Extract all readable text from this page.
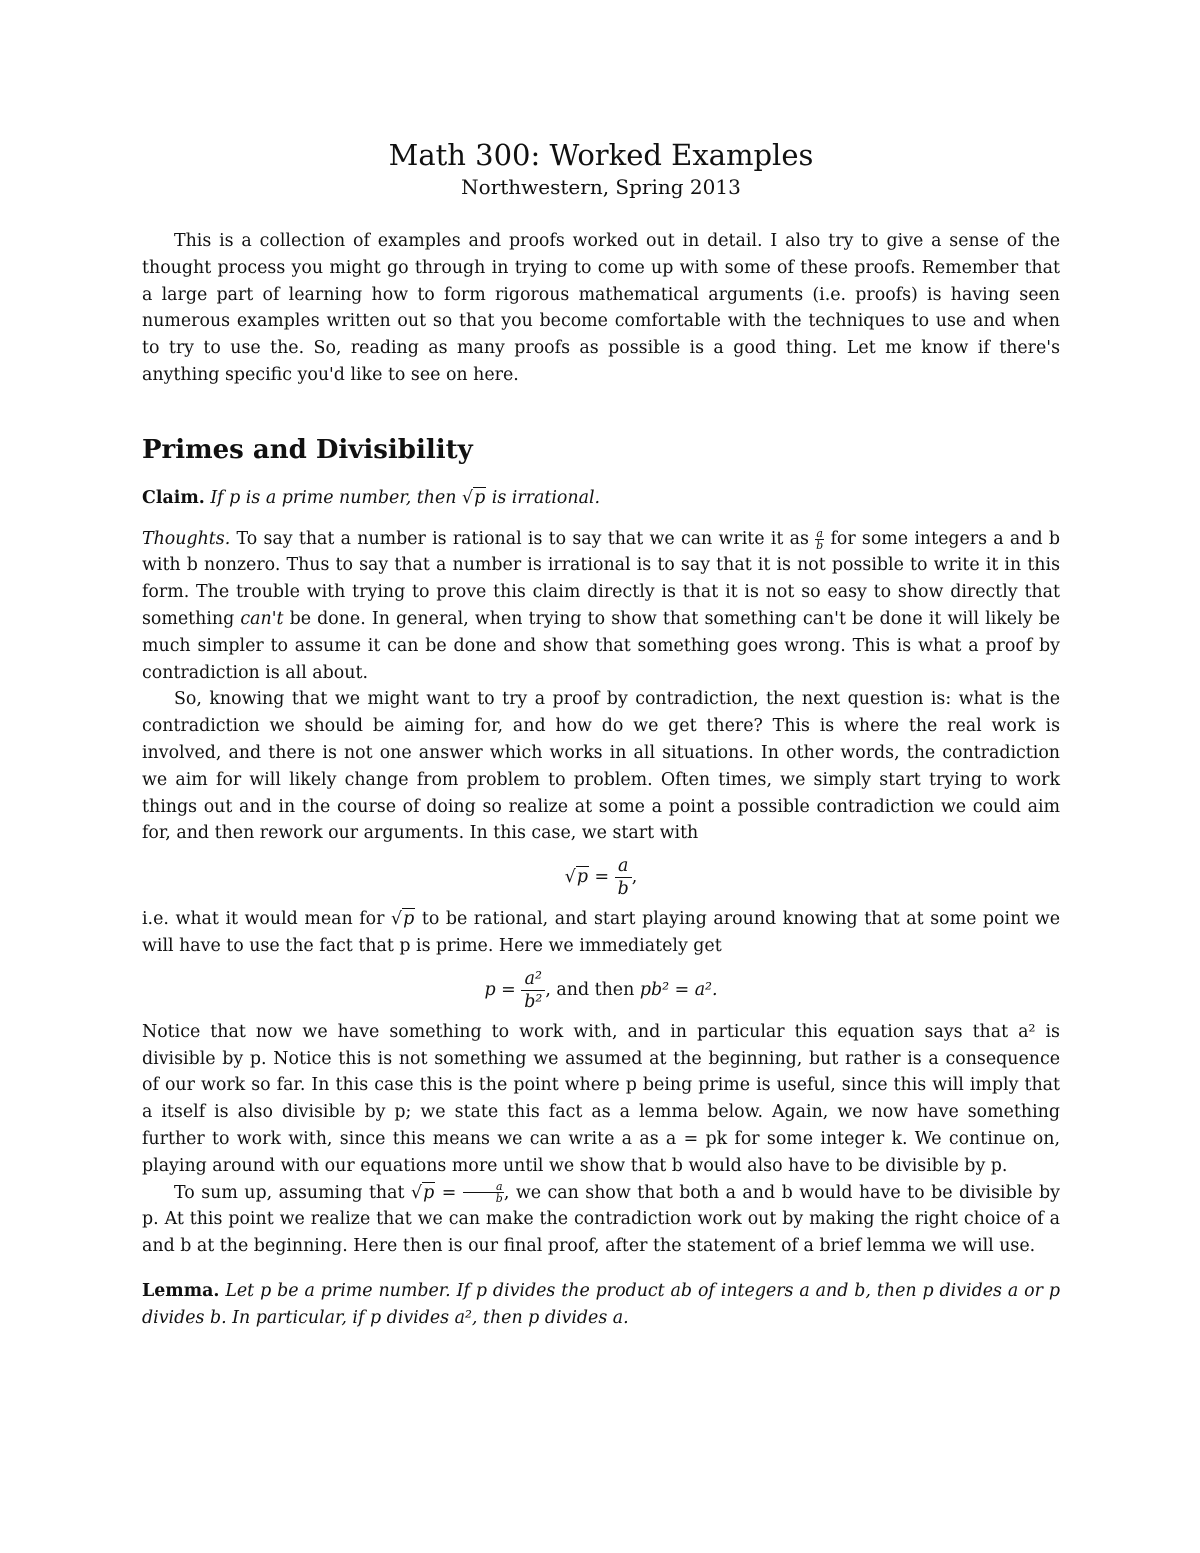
Math 300: Worked Examples
Northwestern, Spring 2013

This is a collection of examples and proofs worked out in detail. I also try to give a sense of the thought process you might go through in trying to come up with some of these proofs. Remember that a large part of learning how to form rigorous mathematical arguments (i.e. proofs) is having seen numerous examples written out so that you become comfortable with the techniques to use and when to try to use the. So, reading as many proofs as possible is a good thing. Let me know if there's anything specific you'd like to see on here.

Primes and Divisibility

Claim. If p is a prime number, then √p is irrational.

Thoughts. To say that a number is rational is to say that we can write it as $\frac{a}{b}$ for some integers a and b with b nonzero. Thus to say that a number is irrational is to say that it is not possible to write it in this form. The trouble with trying to prove this claim directly is that it is not so easy to show directly that something can't be done. In general, when trying to show that something can't be done it will likely be much simpler to assume it can be done and show that something goes wrong. This is what a proof by contradiction is all about.

So, knowing that we might want to try a proof by contradiction, the next question is: what is the contradiction we should be aiming for, and how do we get there? This is where the real work is involved, and there is not one answer which works in all situations. In other words, the contradiction we aim for will likely change from problem to problem. Often times, we simply start trying to work things out and in the course of doing so realize at some a point a possible contradiction we could aim for, and then rework our arguments. In this case, we start with

$√p = \frac{a}{b}$ ,

i.e. what it would mean for √p to be rational, and start playing around knowing that at some point we will have to use the fact that p is prime. Here we immediately get

$p = \frac{\text{a²}}{\text{b²}}$ , and then pb² = a².

Notice that now we have something to work with, and in particular this equation says that a² is divisible by p. Notice this is not something we assumed at the beginning, but rather is a consequence of our work so far. In this case this is the point where p being prime is useful, since this will imply that a itself is also divisible by p; we state this fact as a lemma below. Again, we now have something further to work with, since this means we can write a as a = pk for some integer k. We continue on, playing around with our equations more until we show that b would also have to be divisible by p.

To sum up, assuming that $√p = \frac{a}{b}$ , we can show that both a and b would have to be divisible by p. At this point we realize that we can make the contradiction work out by making the right choice of a and b at the beginning. Here then is our final proof, after the statement of a brief lemma we will use.

Lemma. Let p be a prime number. If p divides the product ab of integers a and b, then p divides a or p divides b. In particular, if p divides a², then p divides a.
